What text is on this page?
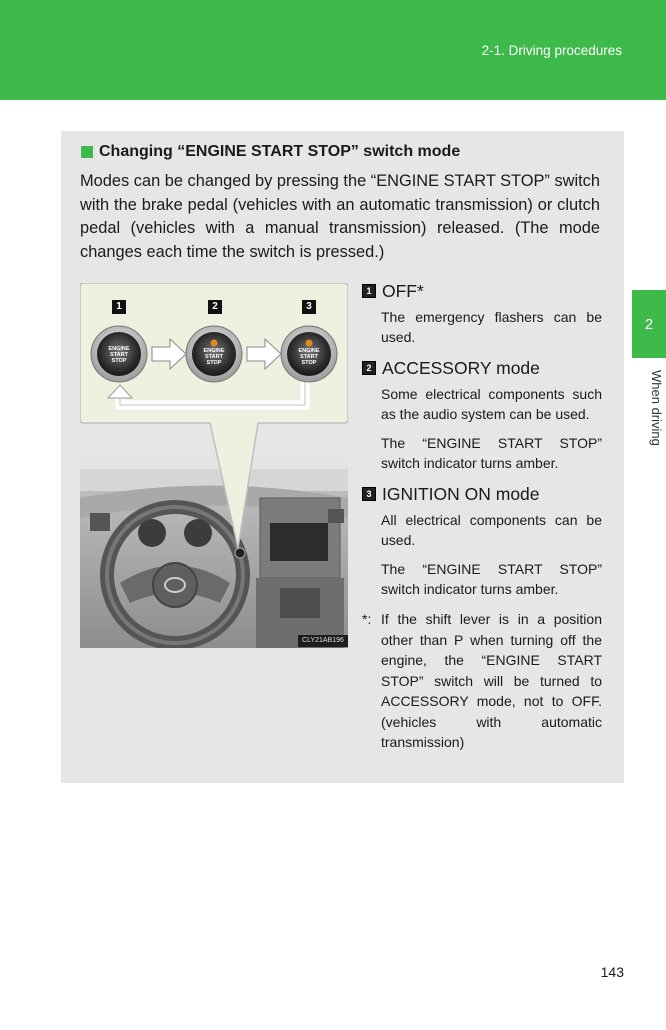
2-1. Driving procedures
2
When driving
Changing “ENGINE START STOP” switch mode
Modes can be changed by pressing the “ENGINE START STOP” switch with the brake pedal (vehicles with an automatic transmission) or clutch pedal (vehicles with a manual transmission) released. (The mode changes each time the switch is pressed.)
1	2	3
ENGINE
START
STOP
ENGINE
START
STOP
ENGINE
START
STOP
CLY21AB196
1 OFF*
The emergency flashers can be used.
2 ACCESSORY mode
Some electrical components such as the audio system can be used.
The “ENGINE START STOP” switch indicator turns amber.
3 IGNITION ON mode
All electrical components can be used.
The “ENGINE START STOP” switch indicator turns amber.
*: If the shift lever is in a position other than P when turning off the engine, the “ENGINE START STOP” switch will be turned to ACCESSORY mode, not to OFF. (vehicles with automatic transmission)
143
